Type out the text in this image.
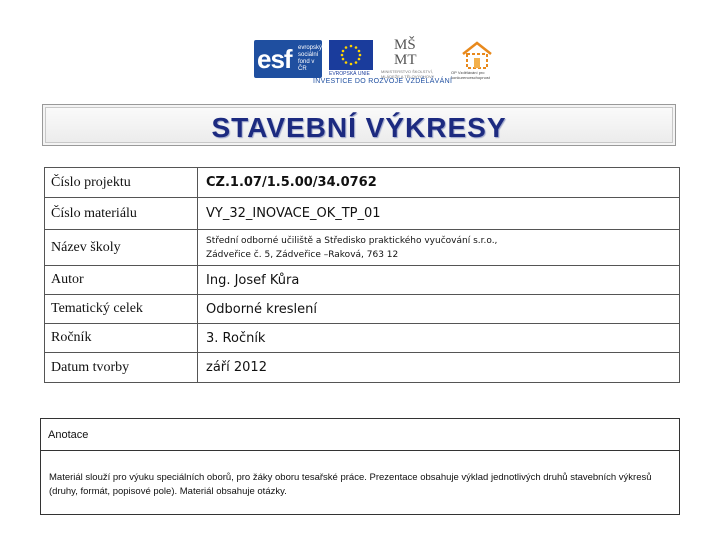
esf evropský sociální fond v ČR
EVROPSKÁ UNIE
MŠ MT
MINISTERSTVO ŠKOLSTVÍ, MLÁDEŽE A TĚLOVÝCHOVY
OP Vzdělávání pro konkurenceschopnost
INVESTICE DO ROZVOJE VZDĚLÁVÁNÍ
STAVEBNÍ VÝKRESY
Číslo projektu	CZ.1.07/1.5.00/34.0762
Číslo materiálu	VY_32_INOVACE_OK_TP_01
Název školy	Střední odborné učiliště a Středisko praktického vyučování s.r.o.,
Zádveřice č. 5, Zádveřice –Raková, 763 12
Autor	Ing. Josef Kůra
Tematický celek	Odborné kreslení
Ročník	3. Ročník
Datum tvorby	září 2012
Anotace
Materiál slouží pro výuku speciálních oborů, pro žáky oboru tesařské práce. Prezentace obsahuje výklad jednotlivých druhů stavebních výkresů (druhy, formát, popisové pole). Materiál obsahuje otázky.
